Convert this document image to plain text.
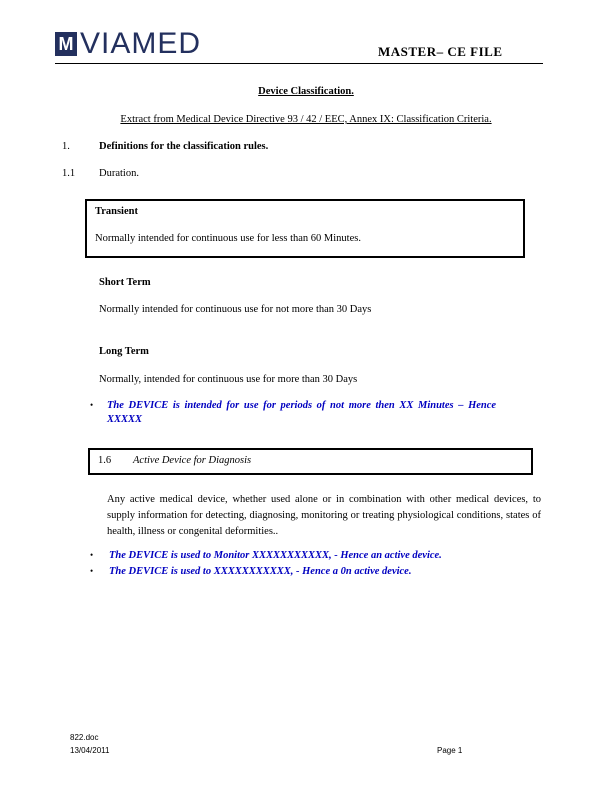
M VIAMED	MASTER– CE FILE
Device Classification.
Extract from Medical Device Directive 93 / 42 / EEC, Annex IX: Classification Criteria.
1.	Definitions for the classification rules.
1.1 Duration.
Transient
Normally intended for continuous use for less than 60 Minutes.
Short Term
Normally intended for continuous use for not more than 30 Days
Long Term
Normally, intended for continuous use for more than 30 Days
• The DEVICE is intended for use for periods of not more then XX Minutes – Hence
XXXXX
1.6 Active Device for Diagnosis
Any active medical device, whether used alone or in combination with other medical devices, to supply information for detecting, diagnosing, monitoring or treating physiological conditions, states of health, illness or congenital deformities..
• The DEVICE is used to Monitor XXXXXXXXXXX, - Hence an active device.
• The DEVICE is used to XXXXXXXXXXX, - Hence a 0n active device.
822.doc
13/04/2011	Page 1
